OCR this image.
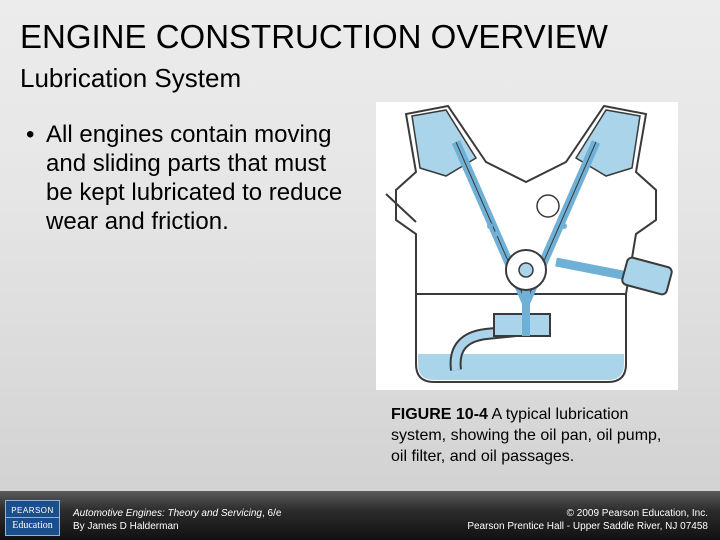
ENGINE CONSTRUCTION OVERVIEW
Lubrication System
• All engines contain moving and sliding parts that must be kept lubricated to reduce wear and friction.
FIGURE 10-4 A typical lubrication system, showing the oil pan, oil pump, oil filter, and oil passages.
PEARSON
Education
Automotive Engines: Theory and Servicing, 6/e
By James D Halderman
© 2009 Pearson Education, Inc.
Pearson Prentice Hall - Upper Saddle River, NJ 07458
